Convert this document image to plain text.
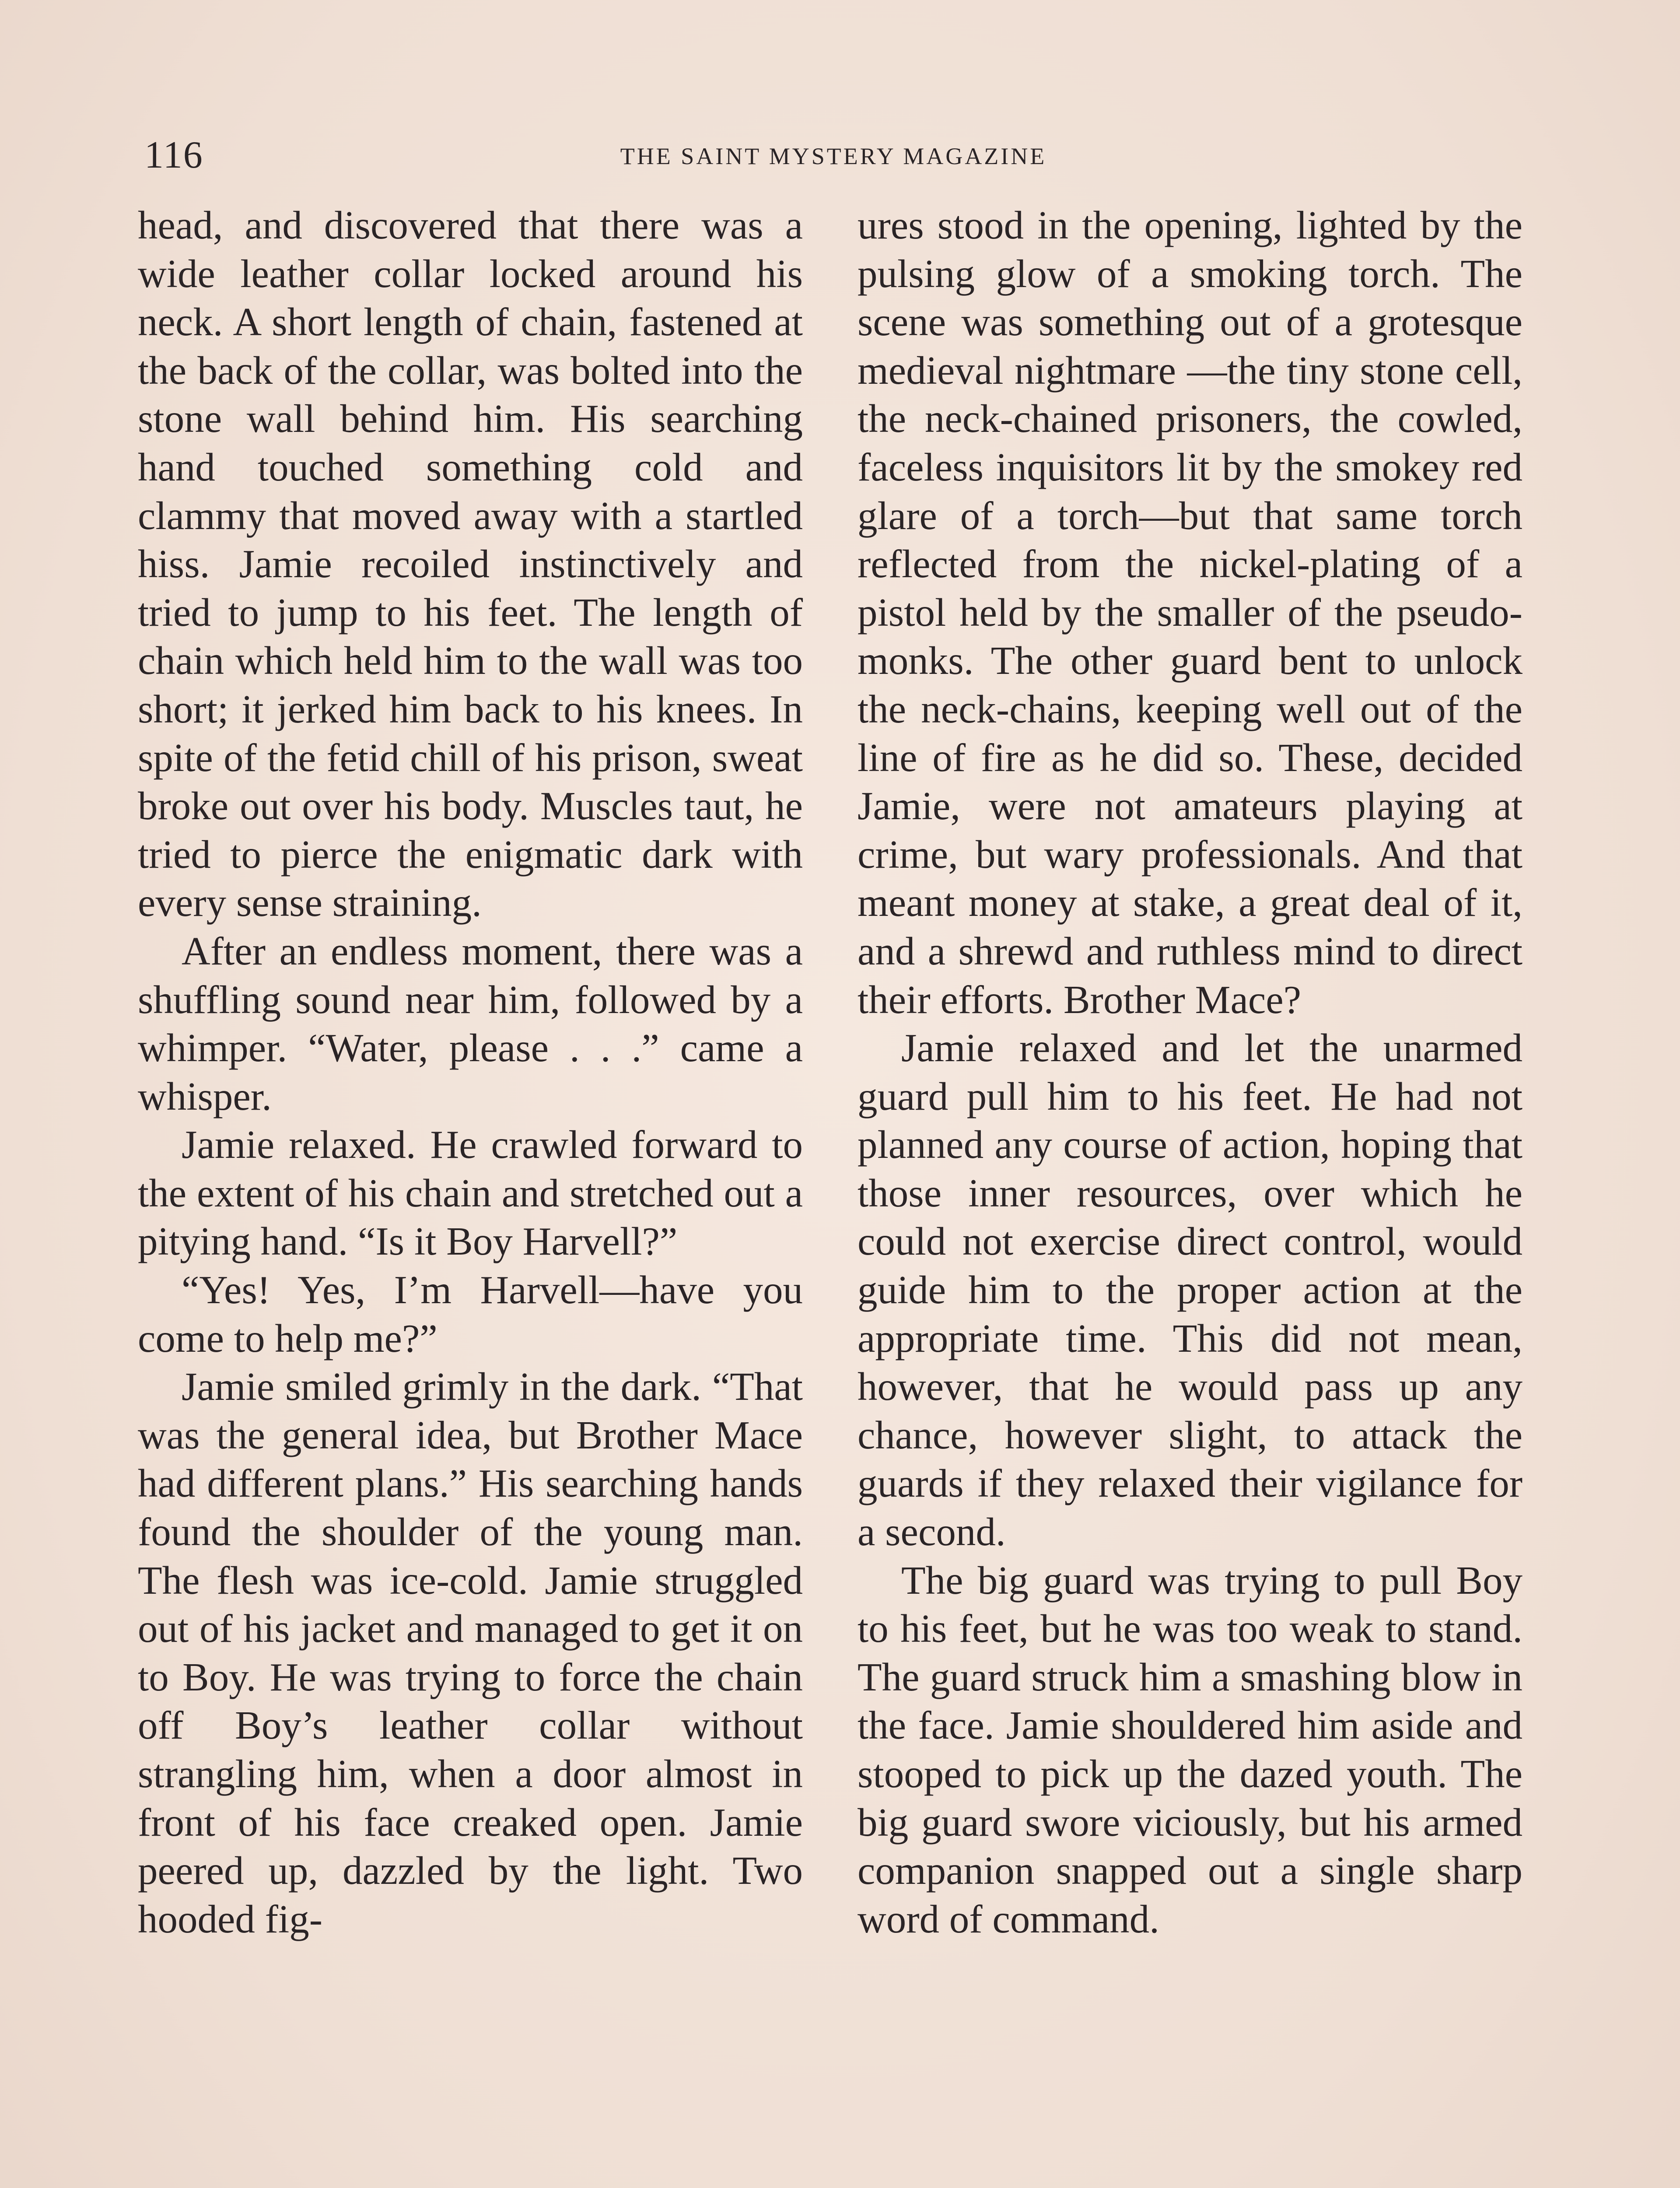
116	THE SAINT MYSTERY MAGAZINE

head, and discovered that there was a wide leather collar locked around his neck. A short length of chain, fastened at the back of the collar, was bolted into the stone wall behind him. His searching hand touched something cold and clammy that moved away with a startled hiss. Jamie recoiled instinctively and tried to jump to his feet. The length of chain which held him to the wall was too short; it jerked him back to his knees. In spite of the fetid chill of his prison, sweat broke out over his body. Muscles taut, he tried to pierce the enigmatic dark with every sense straining.

After an endless moment, there was a shuffling sound near him, followed by a whimper. “Water, please . . .” came a whisper.

Jamie relaxed. He crawled forward to the extent of his chain and stretched out a pitying hand. “Is it Boy Harvell?”

“Yes! Yes, I’m Harvell—have you come to help me?”

Jamie smiled grimly in the dark. “That was the general idea, but Brother Mace had different plans.” His searching hands found the shoulder of the young man. The flesh was ice-cold. Jamie struggled out of his jacket and managed to get it on to Boy. He was trying to force the chain off Boy’s leather collar without strangling him, when a door almost in front of his face creaked open. Jamie peered up, dazzled by the light. Two hooded fig-

ures stood in the opening, lighted by the pulsing glow of a smoking torch. The scene was something out of a grotesque medieval nightmare —the tiny stone cell, the neck-chained prisoners, the cowled, faceless inquisitors lit by the smokey red glare of a torch—but that same torch reflected from the nickel-plating of a pistol held by the smaller of the pseudo-monks. The other guard bent to unlock the neck-chains, keeping well out of the line of fire as he did so. These, decided Jamie, were not amateurs playing at crime, but wary professionals. And that meant money at stake, a great deal of it, and a shrewd and ruthless mind to direct their efforts. Brother Mace?

Jamie relaxed and let the unarmed guard pull him to his feet. He had not planned any course of action, hoping that those inner resources, over which he could not exercise direct control, would guide him to the proper action at the appropriate time. This did not mean, however, that he would pass up any chance, however slight, to attack the guards if they relaxed their vigilance for a second.

The big guard was trying to pull Boy to his feet, but he was too weak to stand. The guard struck him a smashing blow in the face. Jamie shouldered him aside and stooped to pick up the dazed youth. The big guard swore viciously, but his armed companion snapped out a single sharp word of command.
